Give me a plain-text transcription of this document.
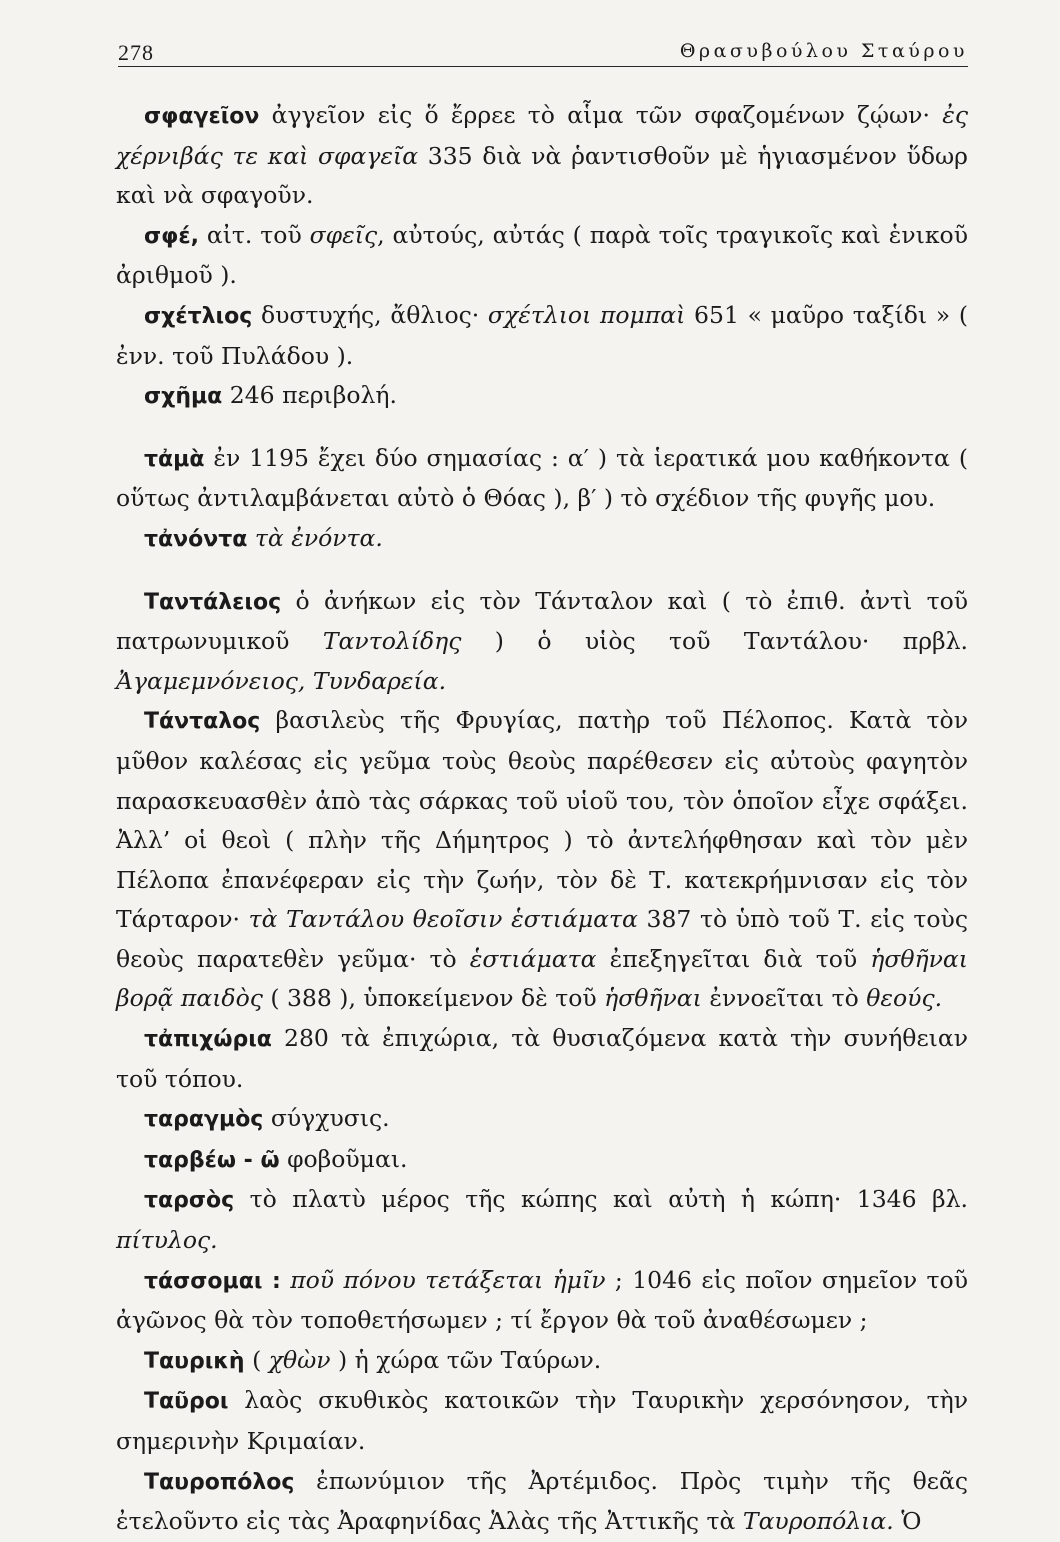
278	Θρασυβούλου Σταύρου

σφαγεῖον ἀγγεῖον εἰς ὅ ἔρρεε τὸ αἷμα τῶν σφαζομένων ζῴων· ἐς χέρνιβάς τε καὶ σφαγεῖα 335 διὰ νὰ ῥαντισθοῦν μὲ ἡγιασμένον ὕδωρ καὶ νὰ σφαγοῦν.

σφέ, αἰτ. τοῦ σφεῖς, αὐτούς, αὐτάς ( παρὰ τοῖς τραγικοῖς καὶ ἑνικοῦ ἀριθμοῦ ).

σχέτλιος δυστυχής, ἄθλιος· σχέτλιοι πομπαὶ 651 « μαῦρο ταξίδι » ( ἐνν. τοῦ Πυλάδου ).

σχῆμα 246 περιβολή.

τἀμὰ ἐν 1195 ἔχει δύο σημασίας : α′ ) τὰ ἱερατικά μου καθήκοντα ( οὕτως ἀντιλαμβάνεται αὐτὸ ὁ Θόας ), β′ ) τὸ σχέδιον τῆς φυγῆς μου.

τἀνόντα τὰ ἐνόντα.

Ταντάλειος ὁ ἀνήκων εἰς τὸν Τάνταλον καὶ ( τὸ ἐπιθ. ἀντὶ τοῦ πατρωνυμικοῦ Ταντολίδης ) ὁ υἱὸς τοῦ Ταντάλου· πρβλ. Ἀγαμεμνόνειος, Τυνδαρεία.

Τάνταλος βασιλεὺς τῆς Φρυγίας, πατὴρ τοῦ Πέλοπος. Κατὰ τὸν μῦθον καλέσας εἰς γεῦμα τοὺς θεοὺς παρέθεσεν εἰς αὐτοὺς φαγητὸν παρασκευασθὲν ἀπὸ τὰς σάρκας τοῦ υἱοῦ του, τὸν ὁποῖον εἶχε σφάξει. Ἀλλ’ οἱ θεοὶ ( πλὴν τῆς Δήμητρος ) τὸ ἀντελήφθησαν καὶ τὸν μὲν Πέλοπα ἐπανέφεραν εἰς τὴν ζωήν, τὸν δὲ Τ. κατεκρήμνισαν εἰς τὸν Τάρταρον· τὰ Ταντάλου θεοῖσιν ἑστιάματα 387 τὸ ὑπὸ τοῦ Τ. εἰς τοὺς θεοὺς παρατεθὲν γεῦμα· τὸ ἑστιάματα ἐπεξηγεῖται διὰ τοῦ ἡσθῆναι βορᾷ παιδὸς ( 388 ), ὑποκείμενον δὲ τοῦ ἡσθῆναι ἐννοεῖται τὸ θεούς.

τἀπιχώρια 280 τὰ ἐπιχώρια, τὰ θυσιαζόμενα κατὰ τὴν συνήθειαν τοῦ τόπου.

ταραγμὸς σύγχυσις.

ταρβέω - ῶ φοβοῦμαι.

ταρσὸς τὸ πλατὺ μέρος τῆς κώπης καὶ αὐτὴ ἡ κώπη· 1346 βλ. πίτυλος.

τάσσομαι : ποῦ πόνου τετάξεται ἡμῖν ; 1046 εἰς ποῖον σημεῖον τοῦ ἀγῶνος θὰ τὸν τοποθετήσωμεν ; τί ἔργον θὰ τοῦ ἀναθέσωμεν ;

Ταυρικὴ ( χθὼν ) ἡ χώρα τῶν Ταύρων.

Ταῦροι λαὸς σκυθικὸς κατοικῶν τὴν Ταυρικὴν χερσόνησον, τὴν σημερινὴν Κριμαίαν.

Ταυροπόλος ἐπωνύμιον τῆς Ἀρτέμιδος. Πρὸς τιμὴν τῆς θεᾶς ἐτελοῦντο εἰς τὰς Ἀραφηνίδας Ἁλὰς τῆς Ἀττικῆς τὰ Ταυροπόλια. Ὁ
